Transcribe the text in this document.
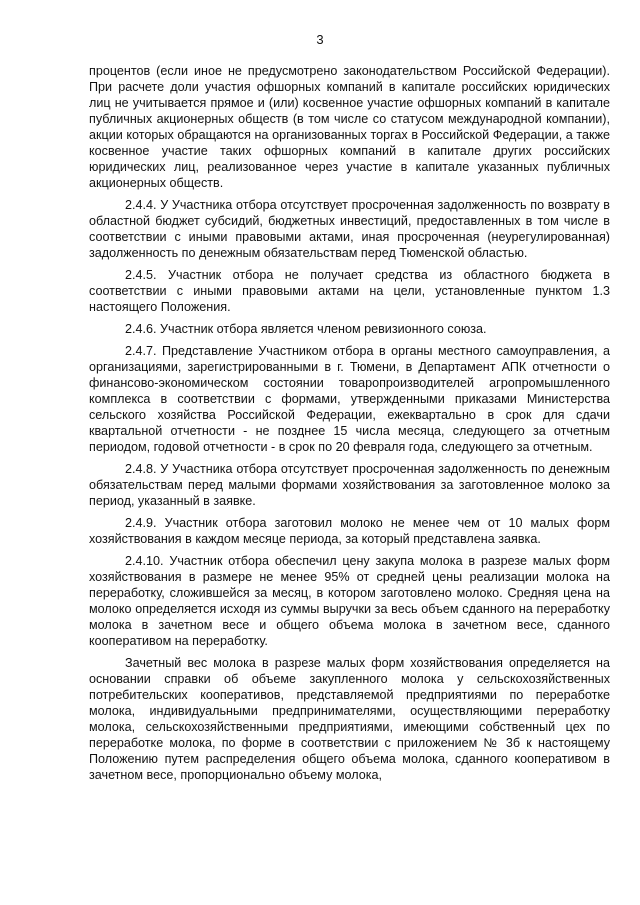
3

процентов (если иное не предусмотрено законодательством Российской Федерации). При расчете доли участия офшорных компаний в капитале российских юридических лиц не учитывается прямое и (или) косвенное участие офшорных компаний в капитале публичных акционерных обществ (в том числе со статусом международной компании), акции которых обращаются на организованных торгах в Российской Федерации, а также косвенное участие таких офшорных компаний в капитале других российских юридических лиц, реализованное через участие в капитале указанных публичных акционерных обществ.

2.4.4. У Участника отбора отсутствует просроченная задолженность по возврату в областной бюджет субсидий, бюджетных инвестиций, предоставленных в том числе в соответствии с иными правовыми актами, иная просроченная (неурегулированная) задолженность по денежным обязательствам перед Тюменской областью.

2.4.5. Участник отбора не получает средства из областного бюджета в соответствии с иными правовыми актами на цели, установленные пунктом 1.3 настоящего Положения.

2.4.6. Участник отбора является членом ревизионного союза.

2.4.7. Представление Участником отбора в органы местного самоуправления, а организациями, зарегистрированными в г. Тюмени, в Департамент АПК отчетности о финансово-экономическом состоянии товаропроизводителей агропромышленного комплекса в соответствии с формами, утвержденными приказами Министерства сельского хозяйства Российской Федерации, ежеквартально в срок для сдачи квартальной отчетности - не позднее 15 числа месяца, следующего за отчетным периодом, годовой отчетности - в срок по 20 февраля года, следующего за отчетным.

2.4.8. У Участника отбора отсутствует просроченная задолженность по денежным обязательствам перед малыми формами хозяйствования за заготовленное молоко за период, указанный в заявке.

2.4.9. Участник отбора заготовил молоко не менее чем от 10 малых форм хозяйствования в каждом месяце периода, за который представлена заявка.

2.4.10. Участник отбора обеспечил цену закупа молока в разрезе малых форм хозяйствования в размере не менее 95% от средней цены реализации молока на переработку, сложившейся за месяц, в котором заготовлено молоко. Средняя цена на молоко определяется исходя из суммы выручки за весь объем сданного на переработку молока в зачетном весе и общего объема молока в зачетном весе, сданного кооперативом на переработку.

Зачетный вес молока в разрезе малых форм хозяйствования определяется на основании справки об объеме закупленного молока у сельскохозяйственных потребительских кооперативов, представляемой предприятиями по переработке молока, индивидуальными предпринимателями, осуществляющими переработку молока, сельскохозяйственными предприятиями, имеющими собственный цех по переработке молока, по форме в соответствии с приложением № 3б к настоящему Положению путем распределения общего объема молока, сданного кооперативом в зачетном весе, пропорционально объему молока,
